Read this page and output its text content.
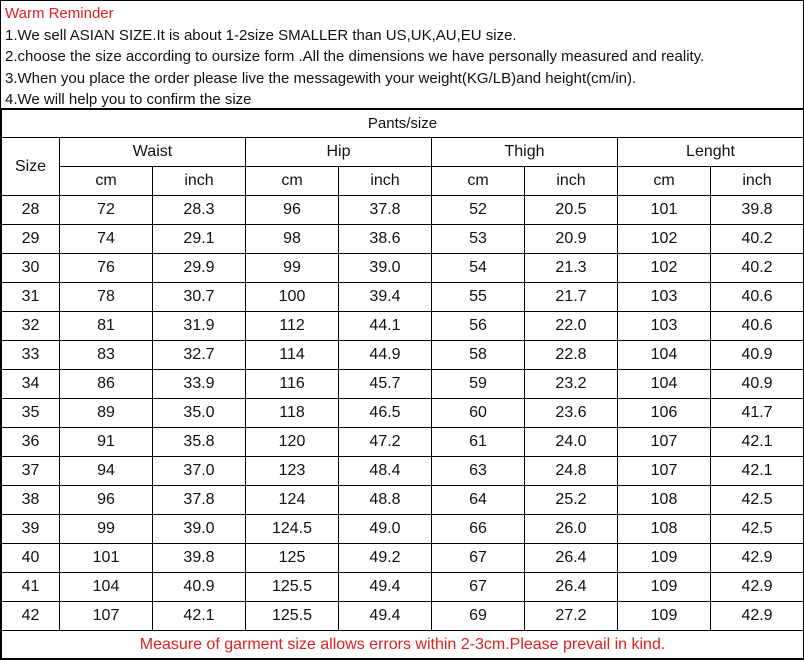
Warm Reminder
1.We sell ASIAN SIZE.It is about 1-2size SMALLER than US,UK,AU,EU size.
2.choose the size according to oursize form .All the dimensions we have personally measured and reality.
3.When you place the order please live the messagewith your weight(KG/LB)and height(cm/in).
4.We will help you to confirm the size
Pants/size								
Size	Waist		Hip		Thigh		Lenght	
	cm	inch	cm	inch	cm	inch	cm	inch
28	72	28.3	96	37.8	52	20.5	101	39.8
29	74	29.1	98	38.6	53	20.9	102	40.2
30	76	29.9	99	39.0	54	21.3	102	40.2
31	78	30.7	100	39.4	55	21.7	103	40.6
32	81	31.9	112	44.1	56	22.0	103	40.6
33	83	32.7	114	44.9	58	22.8	104	40.9
34	86	33.9	116	45.7	59	23.2	104	40.9
35	89	35.0	118	46.5	60	23.6	106	41.7
36	91	35.8	120	47.2	61	24.0	107	42.1
37	94	37.0	123	48.4	63	24.8	107	42.1
38	96	37.8	124	48.8	64	25.2	108	42.5
39	99	39.0	124.5	49.0	66	26.0	108	42.5
40	101	39.8	125	49.2	67	26.4	109	42.9
41	104	40.9	125.5	49.4	67	26.4	109	42.9
42	107	42.1	125.5	49.4	69	27.2	109	42.9
Measure of garment size allows errors within 2-3cm.Please prevail in kind.								
